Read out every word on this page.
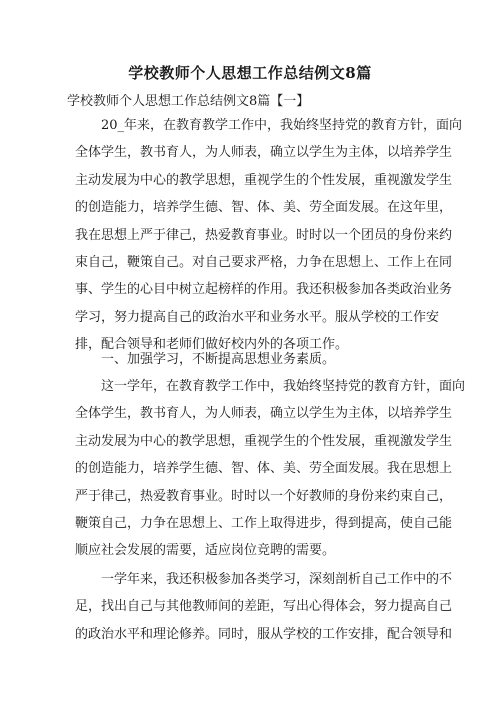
学校教师个人思想工作总结例文8篇
学校教师个人思想工作总结例文8篇【一】
20_年来，在教育教学工作中，我始终坚持党的教育方针，面向
全体学生，教书育人，为人师表，确立以学生为主体，以培养学生
主动发展为中心的教学思想，重视学生的个性发展，重视激发学生
的创造能力，培养学生德、智、体、美、劳全面发展。在这年里，
我在思想上严于律己，热爱教育事业。时时以一个团员的身份来约
束自己，鞭策自己。对自己要求严格，力争在思想上、工作上在同
事、学生的心目中树立起榜样的作用。我还积极参加各类政治业务
学习，努力提高自己的政治水平和业务水平。服从学校的工作安
排，配合领导和老师们做好校内外的各项工作。
一、加强学习，不断提高思想业务素质。
这一学年，在教育教学工作中，我始终坚持党的教育方针，面向
全体学生，教书育人，为人师表，确立以学生为主体，以培养学生
主动发展为中心的教学思想，重视学生的个性发展，重视激发学生
的创造能力，培养学生德、智、体、美、劳全面发展。我在思想上
严于律己，热爱教育事业。时时以一个好教师的身份来约束自己，
鞭策自己，力争在思想上、工作上取得进步，得到提高，使自己能
顺应社会发展的需要，适应岗位竞聘的需要。
一学年来，我还积极参加各类学习，深刻剖析自己工作中的不
足，找出自己与其他教师间的差距，写出心得体会，努力提高自己
的政治水平和理论修养。同时，服从学校的工作安排，配合领导和
